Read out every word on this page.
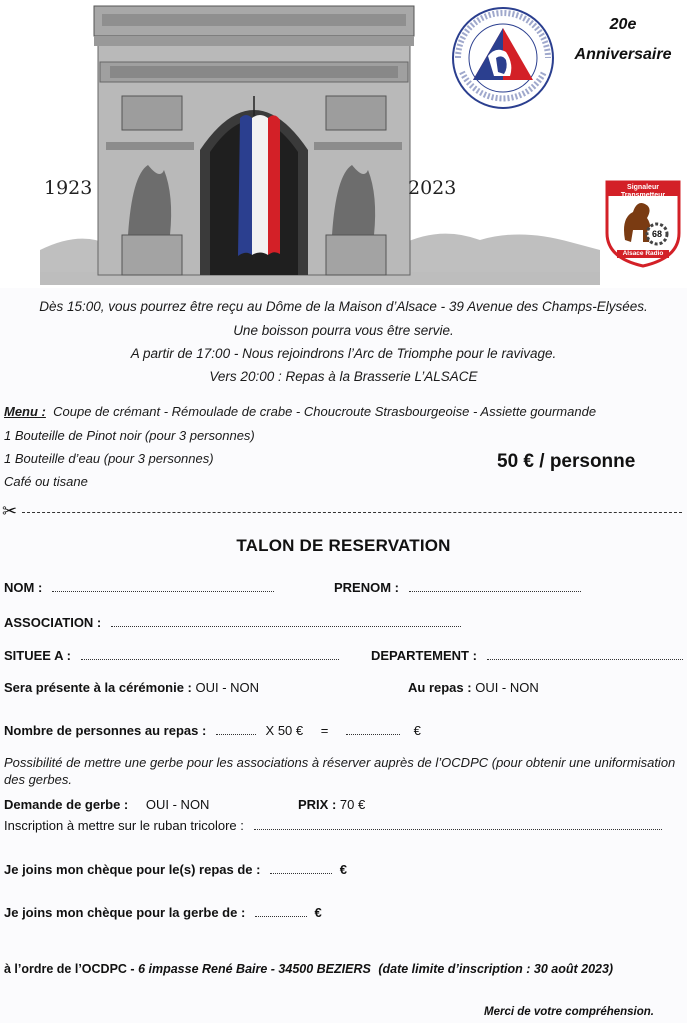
1923	2023
20e
Anniversaire
Signaleur Transmetteur
68
Alsace Radio
Dès 15:00, vous pourrez être reçu au Dôme de la Maison d’Alsace - 39 Avenue des Champs-Elysées.
Une boisson pourra vous être servie.
A partir de 17:00 - Nous rejoindrons l’Arc de Triomphe pour le ravivage.
Vers 20:00 : Repas à la Brasserie L’ALSACE
Menu : Coupe de crémant - Rémoulade de crabe - Choucroute Strasbourgeoise - Assiette gourmande
1 Bouteille de Pinot noir (pour 3 personnes)
1 Bouteille d’eau (pour 3 personnes)
Café ou tisane
50 € / personne
✂
TALON DE RESERVATION
NOM :	PRENOM :
ASSOCIATION :
SITUEE A :	DEPARTEMENT :
Sera présente à la cérémonie : OUI - NON	Au repas : OUI - NON
Nombre de personnes au repas :	X 50 € =	€
Possibilité de mettre une gerbe pour les associations à réserver auprès de l’OCDPC (pour obtenir une uniformisation des gerbes.
Demande de gerbe : OUI - NON	PRIX : 70 €
Inscription à mettre sur le ruban tricolore :
Je joins mon chèque pour le(s) repas de :	€
Je joins mon chèque pour la gerbe de :	€
à l’ordre de l’OCDPC - 6 impasse René Baire - 34500 BEZIERS (date limite d’inscription : 30 août 2023)
Merci de votre compréhension.
